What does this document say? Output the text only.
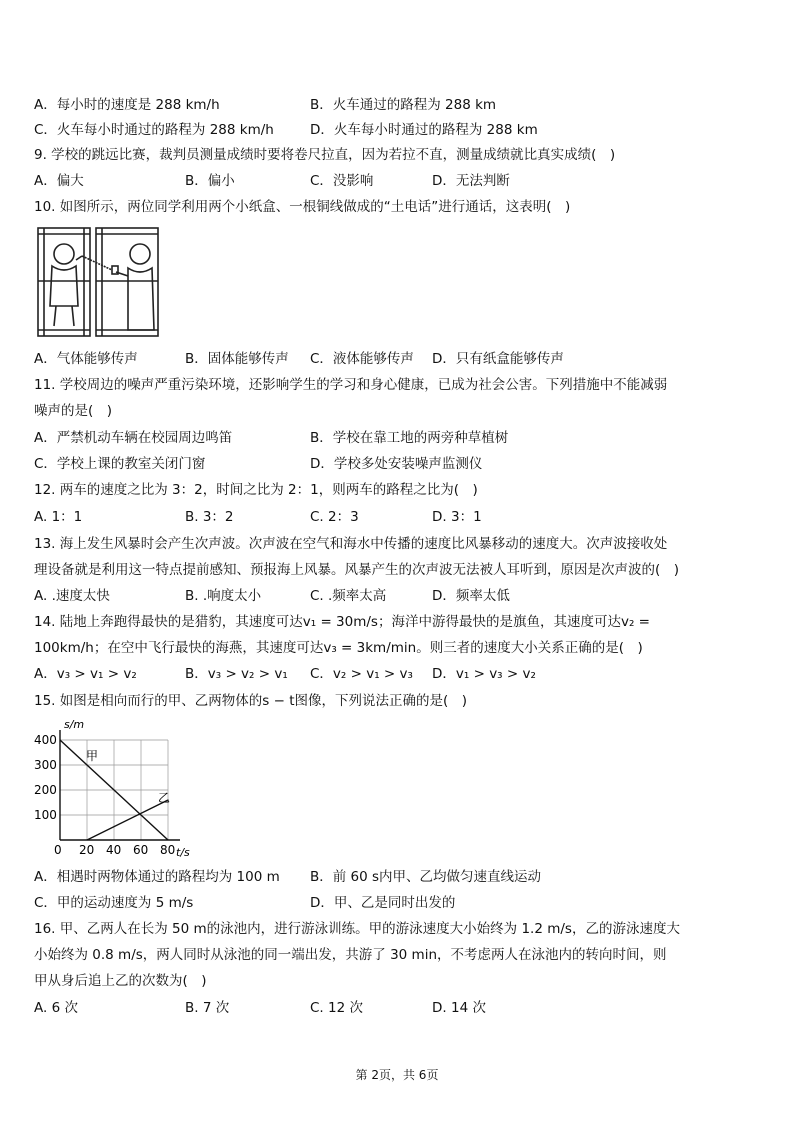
A．每小时的速度是 288 km/h	B．火车通过的路程为 288 km
C．火车每小时通过的路程为 288 km/h	D．火车每小时通过的路程为 288 km
9. 学校的跳远比赛，裁判员测量成绩时要将卷尺拉直，因为若拉不直，测量成绩就比真实成绩(　)
A．偏大	B．偏小	C．没影响	D．无法判断
10. 如图所示，两位同学利用两个小纸盒、一根铜线做成的“土电话”进行通话，这表明(　)
A．气体能够传声	B．固体能够传声 C．液体能够传声 D．只有纸盒能够传声
11. 学校周边的噪声严重污染环境，还影响学生的学习和身心健康，已成为社会公害。下列措施中不能减弱
噪声的是(　)
A．严禁机动车辆在校园周边鸣笛	B．学校在靠工地的两旁种草植树
C．学校上课的教室关闭门窗	D．学校多处安装噪声监测仪
12. 两车的速度之比为 3：2，时间之比为 2：1，则两车的路程之比为(　)
A. 1：1	B. 3：2	C. 2：3	D. 3：1
13. 海上发生风暴时会产生次声波。次声波在空气和海水中传播的速度比风暴移动的速度大。次声波接收处
理设备就是利用这一特点提前感知、预报海上风暴。风暴产生的次声波无法被人耳听到，原因是次声波的(　)
A. .速度太快	B. .响度太小	C. .频率太高	D．频率太低
14. 陆地上奔跑得最快的是猎豹，其速度可达v₁ = 30m/s；海洋中游得最快的是旗鱼，其速度可达v₂ =
100km/h；在空中飞行最快的海燕，其速度可达v₃ = 3km/min。则三者的速度大小关系正确的是(　)
A．v₃ > v₁ > v₂	B．v₃ > v₂ > v₁ C．v₂ > v₁ > v₃ D．v₁ > v₃ > v₂
15. 如图是相向而行的甲、乙两物体的s − t图像，下列说法正确的是(　)
s/m
t/s
400
300
200
100
0 20 40 60 80
甲
乙
A．相遇时两物体通过的路程均为 100 m B．前 60 s内甲、乙均做匀速直线运动
C．甲的运动速度为 5 m/s	D．甲、乙是同时出发的
16. 甲、乙两人在长为 50 m的泳池内，进行游泳训练。甲的游泳速度大小始终为 1.2 m/s，乙的游泳速度大
小始终为 0.8 m/s，两人同时从泳池的同一端出发，共游了 30 min，不考虑两人在泳池内的转向时间，则
甲从身后追上乙的次数为(　)
A. 6 次	B. 7 次	C. 12 次	D. 14 次
第 2页，共 6页
